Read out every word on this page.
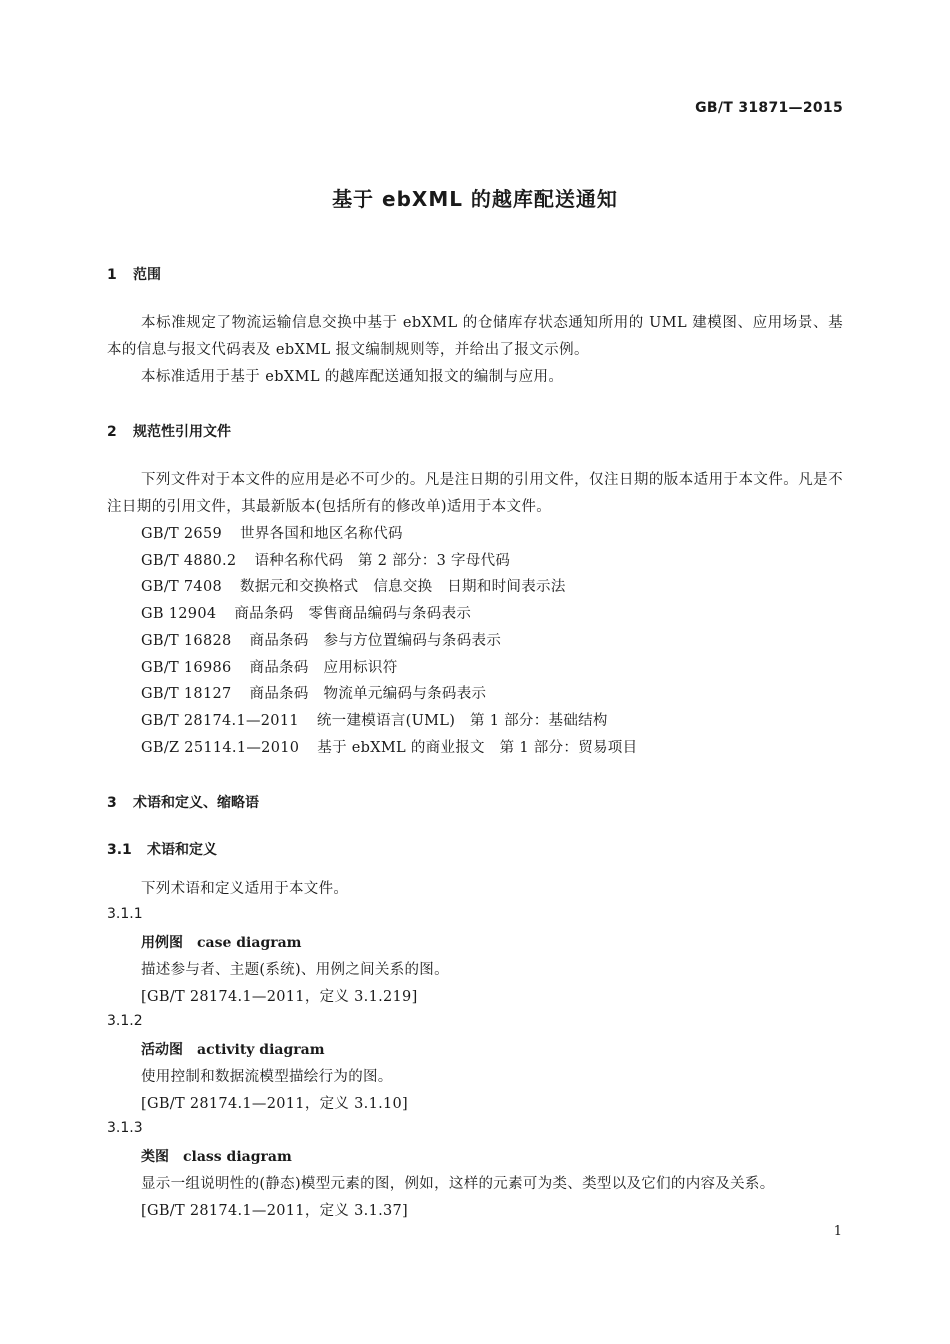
GB/T 31871—2015
基于 ebXML 的越库配送通知
1 范围
本标准规定了物流运输信息交换中基于 ebXML 的仓储库存状态通知所用的 UML 建模图、应用场景、基本的信息与报文代码表及 ebXML 报文编制规则等，并给出了报文示例。
本标准适用于基于 ebXML 的越库配送通知报文的编制与应用。
2 规范性引用文件
下列文件对于本文件的应用是必不可少的。凡是注日期的引用文件，仅注日期的版本适用于本文件。凡是不注日期的引用文件，其最新版本(包括所有的修改单)适用于本文件。
GB/T 2659 世界各国和地区名称代码
GB/T 4880.2 语种名称代码　第 2 部分：3 字母代码
GB/T 7408 数据元和交换格式　信息交换　日期和时间表示法
GB 12904 商品条码　零售商品编码与条码表示
GB/T 16828 商品条码　参与方位置编码与条码表示
GB/T 16986 商品条码　应用标识符
GB/T 18127 商品条码　物流单元编码与条码表示
GB/T 28174.1—2011 统一建模语言(UML)　第 1 部分：基础结构
GB/Z 25114.1—2010 基于 ebXML 的商业报文　第 1 部分：贸易项目
3 术语和定义、缩略语
3.1 术语和定义
下列术语和定义适用于本文件。
3.1.1
用例图 case diagram
描述参与者、主题(系统)、用例之间关系的图。
[GB/T 28174.1—2011，定义 3.1.219]
3.1.2
活动图 activity diagram
使用控制和数据流模型描绘行为的图。
[GB/T 28174.1—2011，定义 3.1.10]
3.1.3
类图 class diagram
显示一组说明性的(静态)模型元素的图，例如，这样的元素可为类、类型以及它们的内容及关系。
[GB/T 28174.1—2011，定义 3.1.37]
1
